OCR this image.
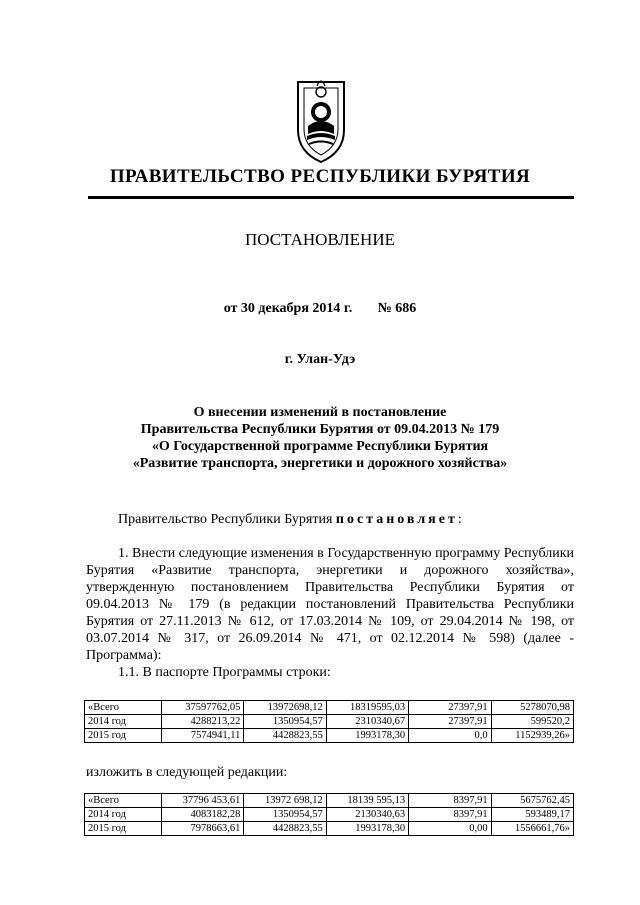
ПРАВИТЕЛЬСТВО РЕСПУБЛИКИ БУРЯТИЯ
ПОСТАНОВЛЕНИЕ
от 30 декабря 2014 г. № 686
г. Улан-Удэ
О внесении изменений в постановление
Правительства Республики Бурятия от 09.04.2013 № 179
«О Государственной программе Республики Бурятия
«Развитие транспорта, энергетики и дорожного хозяйства»
Правительство Республики Бурятия постановляет:
1. Внести следующие изменения в Государственную программу Республики Бурятия «Развитие транспорта, энергетики и дорожного хозяйства», утвержденную постановлением Правительства Республики Бурятия от 09.04.2013 № 179 (в редакции постановлений Правительства Республики Бурятия от 27.11.2013 № 612, от 17.03.2014 № 109, от 29.04.2014 № 198, от 03.07.2014 № 317, от 26.09.2014 № 471, от 02.12.2014 № 598) (далее - Программа):
1.1. В паспорте Программы строки:
«Всего	37597762,05	13972698,12	18319595,03	27397,91	5278070,98
2014 год	4288213,22	1350954,57	2310340,67	27397,91	599520,2
2015 год	7574941,11	4428823,55	1993178,30	0,0	1152939,26»
изложить в следующей редакции:
«Всего	37796 453,61	13972 698,12	18139 595,13	8397,91	5675762,45
2014 год	4083182,28	1350954,57	2130340,63	8397,91	593489,17
2015 год	7978663,61	4428823,55	1993178,30	0,00	1556661,76»
